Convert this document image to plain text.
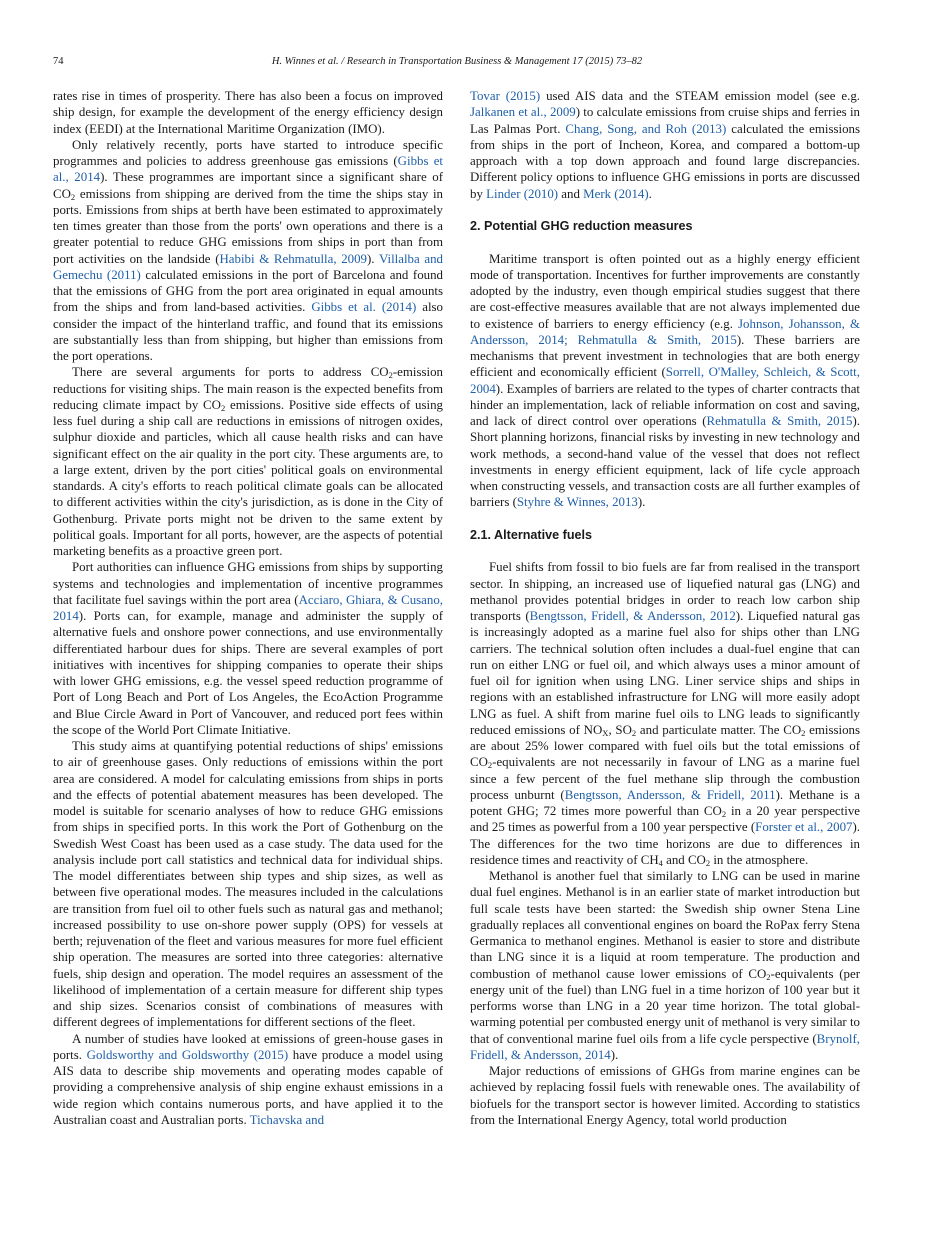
74	H. Winnes et al. / Research in Transportation Business & Management 17 (2015) 73–82

rates rise in times of prosperity. There has also been a focus on improved ship design, for example the development of the energy efficiency design index (EEDI) at the International Maritime Organization (IMO).

Only relatively recently, ports have started to introduce specific programmes and policies to address greenhouse gas emissions (Gibbs et al., 2014). These programmes are important since a significant share of $CO_2$ emissions from shipping are derived from the time the ships stay in ports. Emissions from ships at berth have been estimated to approximately ten times greater than those from the ports' own operations and there is a greater potential to reduce GHG emissions from ships in port than from port activities on the landside (Habibi & Rehmatulla, 2009). Villalba and Gemechu (2011) calculated emissions in the port of Barcelona and found that the emissions of GHG from the port area originated in equal amounts from the ships and from land-based activities. Gibbs et al. (2014) also consider the impact of the hinterland traffic, and found that its emissions are substantially less than from shipping, but higher than emissions from the port operations.

There are several arguments for ports to address $CO_2$-emission reductions for visiting ships. The main reason is the expected benefits from reducing climate impact by $CO_2$ emissions. Positive side effects of using less fuel during a ship call are reductions in emissions of nitrogen oxides, sulphur dioxide and particles, which all cause health risks and can have significant effect on the air quality in the port city. These arguments are, to a large extent, driven by the port cities' political goals on environmental standards. A city's efforts to reach political climate goals can be allocated to different activities within the city's jurisdiction, as is done in the City of Gothenburg. Private ports might not be driven to the same extent by political goals. Important for all ports, however, are the aspects of potential marketing benefits as a proactive green port.

Port authorities can influence GHG emissions from ships by supporting systems and technologies and implementation of incentive programmes that facilitate fuel savings within the port area (Acciaro, Ghiara, & Cusano, 2014). Ports can, for example, manage and administer the supply of alternative fuels and onshore power connections, and use environmentally differentiated harbour dues for ships. There are several examples of port initiatives with incentives for shipping companies to operate their ships with lower GHG emissions, e.g. the vessel speed reduction programme of Port of Long Beach and Port of Los Angeles, the EcoAction Programme and Blue Circle Award in Port of Vancouver, and reduced port fees within the scope of the World Port Climate Initiative.

This study aims at quantifying potential reductions of ships' emissions to air of greenhouse gases. Only reductions of emissions within the port area are considered. A model for calculating emissions from ships in ports and the effects of potential abatement measures has been developed. The model is suitable for scenario analyses of how to reduce GHG emissions from ships in specified ports. In this work the Port of Gothenburg on the Swedish West Coast has been used as a case study. The data used for the analysis include port call statistics and technical data for individual ships. The model differentiates between ship types and ship sizes, as well as between five operational modes. The measures included in the calculations are transition from fuel oil to other fuels such as natural gas and methanol; increased possibility to use on-shore power supply (OPS) for vessels at berth; rejuvenation of the fleet and various measures for more fuel efficient ship operation. The measures are sorted into three categories: alternative fuels, ship design and operation. The model requires an assessment of the likelihood of implementation of a certain measure for different ship types and ship sizes. Scenarios consist of combinations of measures with different degrees of implementations for different sections of the fleet.

A number of studies have looked at emissions of green-house gases in ports. Goldsworthy and Goldsworthy (2015) have produce a model using AIS data to describe ship movements and operating modes capable of providing a comprehensive analysis of ship engine exhaust emissions in a wide region which contains numerous ports, and have applied it to the Australian coast and Australian ports. Tichavska and

Tovar (2015) used AIS data and the STEAM emission model (see e.g. Jalkanen et al., 2009) to calculate emissions from cruise ships and ferries in Las Palmas Port. Chang, Song, and Roh (2013) calculated the emissions from ships in the port of Incheon, Korea, and compared a bottom-up approach with a top down approach and found large discrepancies. Different policy options to influence GHG emissions in ports are discussed by Linder (2010) and Merk (2014).

2. Potential GHG reduction measures

Maritime transport is often pointed out as a highly energy efficient mode of transportation. Incentives for further improvements are constantly adopted by the industry, even though empirical studies suggest that there are cost-effective measures available that are not always implemented due to existence of barriers to energy efficiency (e.g. Johnson, Johansson, & Andersson, 2014; Rehmatulla & Smith, 2015). These barriers are mechanisms that prevent investment in technologies that are both energy efficient and economically efficient (Sorrell, O'Malley, Schleich, & Scott, 2004). Examples of barriers are related to the types of charter contracts that hinder an implementation, lack of reliable information on cost and saving, and lack of direct control over operations (Rehmatulla & Smith, 2015). Short planning horizons, financial risks by investing in new technology and work methods, a second-hand value of the vessel that does not reflect investments in energy efficient equipment, lack of life cycle approach when constructing vessels, and transaction costs are all further examples of barriers (Styhre & Winnes, 2013).

2.1. Alternative fuels

Fuel shifts from fossil to bio fuels are far from realised in the transport sector. In shipping, an increased use of liquefied natural gas (LNG) and methanol provides potential bridges in order to reach low carbon ship transports (Bengtsson, Fridell, & Andersson, 2012). Liquefied natural gas is increasingly adopted as a marine fuel also for ships other than LNG carriers. The technical solution often includes a dual-fuel engine that can run on either LNG or fuel oil, and which always uses a minor amount of fuel oil for ignition when using LNG. Liner service ships and ships in regions with an established infrastructure for LNG will more easily adopt LNG as fuel. A shift from marine fuel oils to LNG leads to significantly reduced emissions of $NO_X$, $SO_2$ and particulate matter. The $CO_2$ emissions are about 25% lower compared with fuel oils but the total emissions of $CO_2$-equivalents are not necessarily in favour of LNG as a marine fuel since a few percent of the fuel methane slip through the combustion process unburnt (Bengtsson, Andersson, & Fridell, 2011). Methane is a potent GHG; 72 times more powerful than $CO_2$ in a 20 year perspective and 25 times as powerful from a 100 year perspective (Forster et al., 2007). The differences for the two time horizons are due to differences in residence times and reactivity of $CH_4$ and $CO_2$ in the atmosphere.

Methanol is another fuel that similarly to LNG can be used in marine dual fuel engines. Methanol is in an earlier state of market introduction but full scale tests have been started: the Swedish ship owner Stena Line gradually replaces all conventional engines on board the RoPax ferry Stena Germanica to methanol engines. Methanol is easier to store and distribute than LNG since it is a liquid at room temperature. The production and combustion of methanol cause lower emissions of $CO_2$-equivalents (per energy unit of the fuel) than LNG fuel in a time horizon of 100 year but it performs worse than LNG in a 20 year time horizon. The total global-warming potential per combusted energy unit of methanol is very similar to that of conventional marine fuel oils from a life cycle perspective (Brynolf, Fridell, & Andersson, 2014).

Major reductions of emissions of GHGs from marine engines can be achieved by replacing fossil fuels with renewable ones. The availability of biofuels for the transport sector is however limited. According to statistics from the International Energy Agency, total world production
